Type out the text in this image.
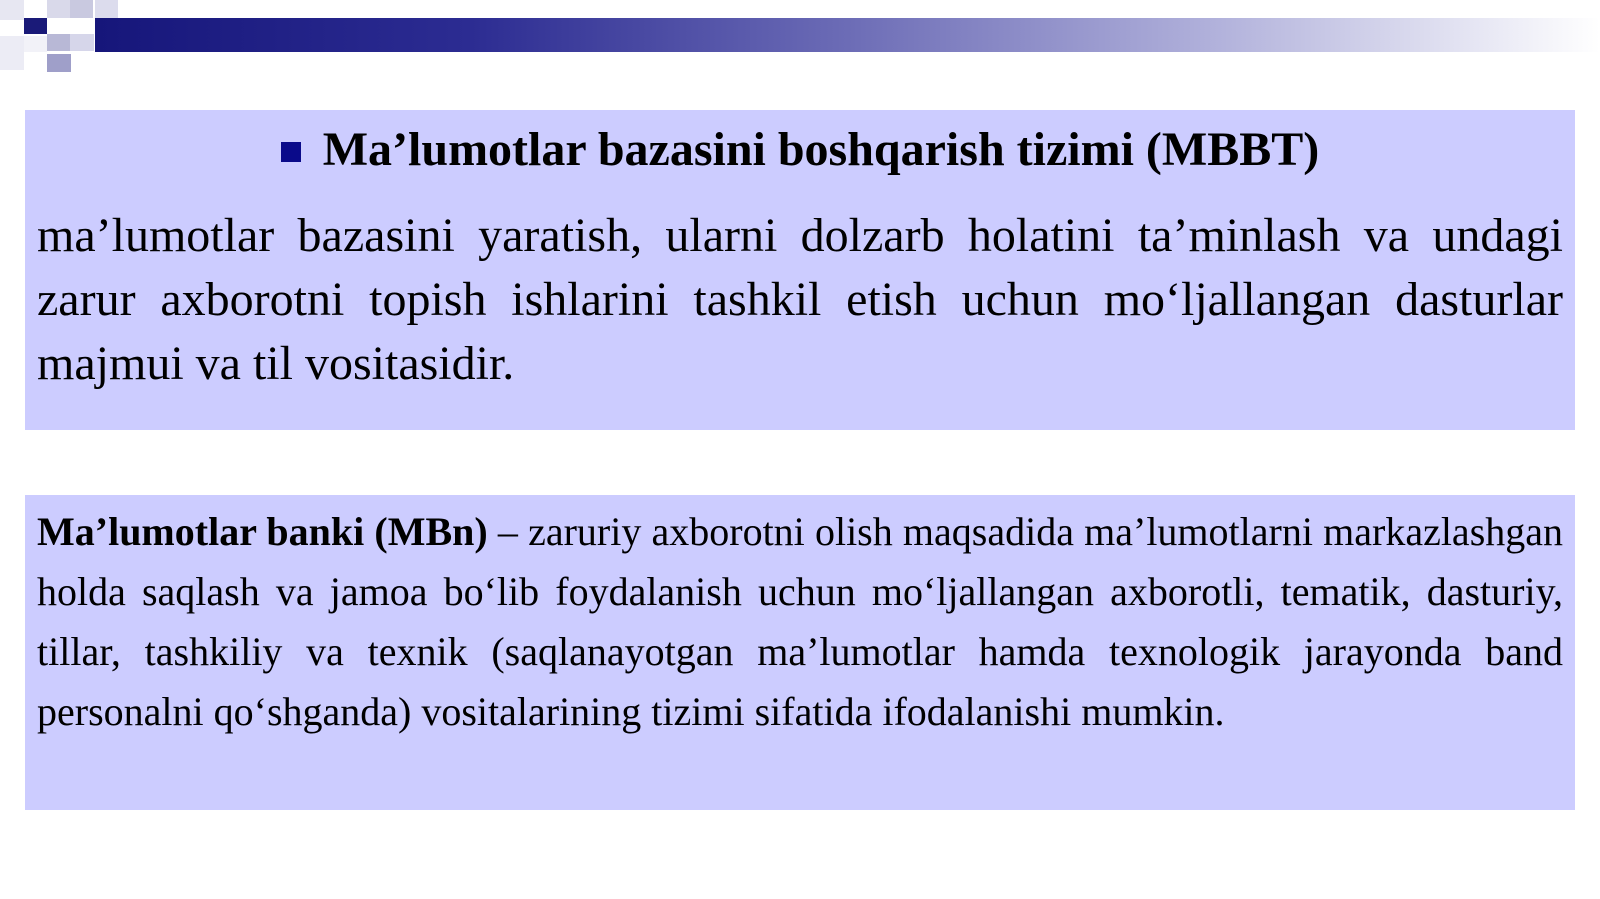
Ma’lumotlar bazasini boshqarish tizimi (MBBT)

ma’lumotlar bazasini yaratish, ularni dolzarb holatini ta’minlash va undagi zarur axborotni topish ishlarini tashkil etish uchun mo‘ljallangan dasturlar majmui va til vositasidir.

Ma’lumotlar banki (MBn) – zaruriy axborotni olish maqsadida ma’lumotlarni markazlashgan holda saqlash va jamoa bo‘lib foydalanish uchun mo‘ljallangan axborotli, tematik, dasturiy, tillar, tashkiliy va texnik (saqlanayotgan ma’lumotlar hamda texnologik jarayonda band personalni qo‘shganda) vositalarining tizimi sifatida ifodalanishi mumkin.
